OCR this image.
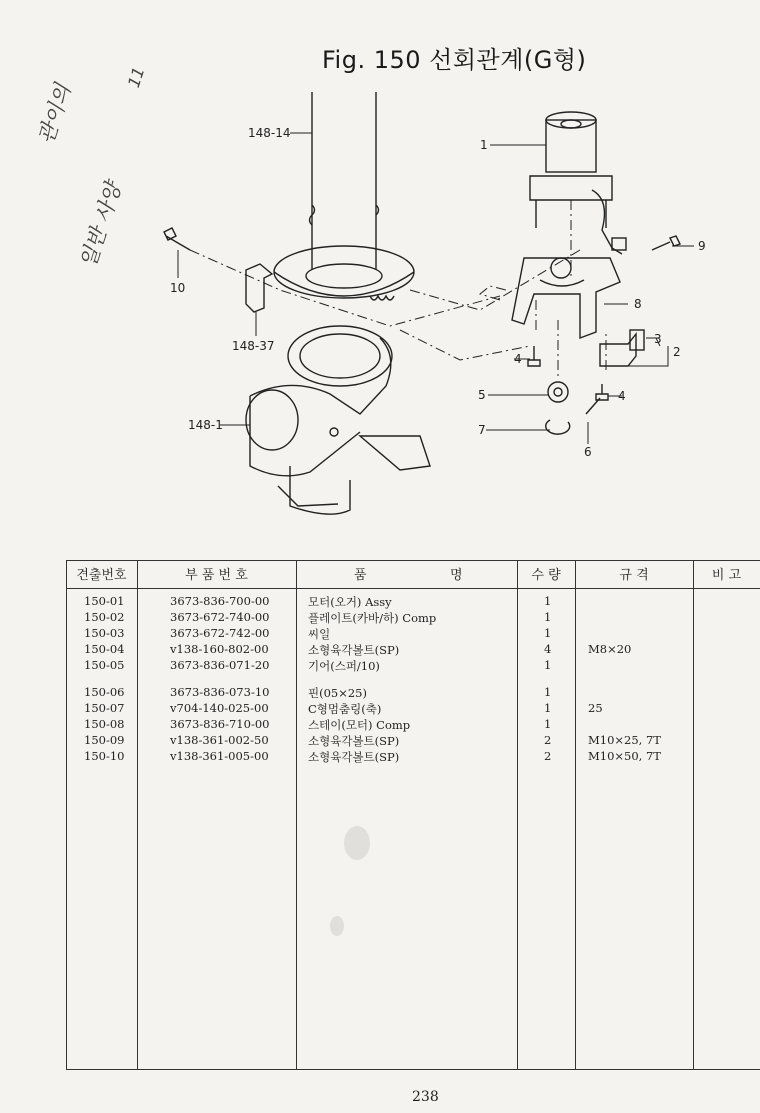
Fig. 150 선회관계(G형)
관이의
일반 사양
11
148-14
1
9
10
148-37
8
3
2
4
4
5
7
6
148-1
견출번호	부 품 번 호	품	명	수 량	규 격	비 고
150-01	3673-836-700-00	모터(오거) Assy	1
150-02	3673-672-740-00	플레이트(카바/하) Comp	1
150-03	3673-672-742-00	씨일	1
150-04	v138-160-802-00	소형육각볼트(SP)	4	M8×20
150-05	3673-836-071-20	기어(스퍼/10)	1
150-06	3673-836-073-10	핀(05×25)	1
150-07	v704-140-025-00	C형멈춤링(축)	1	25
150-08	3673-836-710-00	스테이(모터) Comp	1
150-09	v138-361-002-50	소형육각볼트(SP)	2	M10×25, 7T
150-10	v138-361-005-00	소형육각볼트(SP)	2	M10×50, 7T
238
